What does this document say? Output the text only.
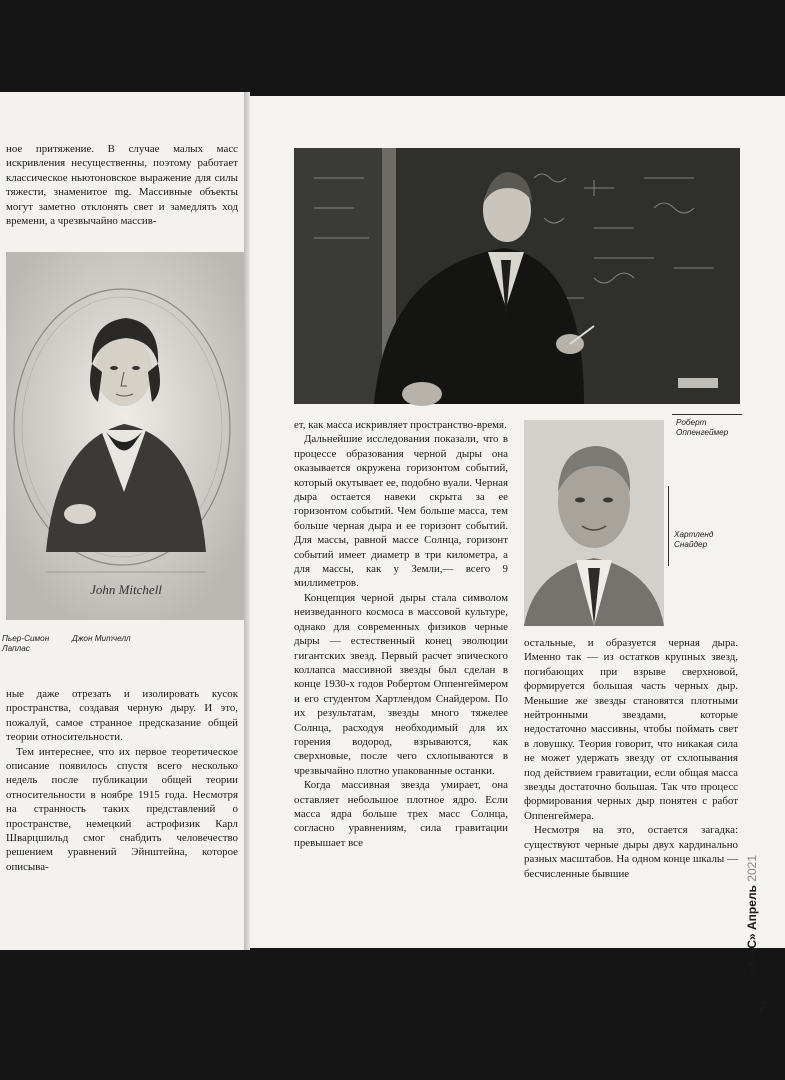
ное притяжение. В случае малых масс искривления несущественны, поэтому работает классическое ньютоновское выражение для силы тяжести, знаменитое mg. Массивные объекты могут заметно отклонять свет и замедлять ход времени, а чрезвычайно массив-

John Mitchell
Пьер-Симон Лаплас
Джон Митчелл

ные даже отрезать и изолировать кусок пространства, создавая черную дыру. И это, пожалуй, самое странное предсказание общей теории относительности.

Тем интереснее, что их первое теоретическое описание появилось спустя всего несколько недель после публикации общей теории относительности в ноябре 1915 года. Несмотря на странность таких представлений о пространстве, немецкий астрофизик Карл Шварцшильд смог снабдить человечество решением уравнений Эйнштейна, которое описыва-

Роберт Оппенгеймер

ет, как масса искривляет пространство-время.

Дальнейшие исследования показали, что в процессе образования черной дыры она оказывается окружена горизонтом событий, который окутывает ее, подобно вуали. Черная дыра остается навеки скрыта за ее горизонтом событий. Чем больше масса, тем больше черная дыра и ее горизонт событий. Для массы, равной массе Солнца, горизонт событий имеет диаметр в три километра, а для массы, как у Земли,— всего 9 миллиметров.

Концепция черной дыры стала символом неизведанного космоса в массовой культуре, однако для современных физиков черные дыры — естественный конец эволюции гигантских звезд. Первый расчет эпического коллапса массивной звезды был сделан в конце 1930-х годов Робертом Оппенгеймером и его студентом Хартлендом Снайдером. По их результатам, звезды много тяжелее Солнца, расходуя необходимый для их горения водород, взрываются, как сверхновые, после чего схлопываются в чрезвычайно плотно упакованные останки.

Когда массивная звезда умирает, она оставляет небольшое плотное ядро. Если масса ядра больше трех масс Солнца, согласно уравнениям, сила гравитации превышает все

Хартленд Снайдер

остальные, и образуется черная дыра. Именно так — из остатков крупных звезд, погибающих при взрыве сверхновой, формируется большая часть черных дыр. Меньшие же звезды становятся плотными нейтронными звездами, которые недостаточно массивны, чтобы поймать свет в ловушку. Теория говорит, что никакая сила не может удержать звезду от схлопывания под действием гравитации, если общая масса звезды достаточно большая. Так что процесс формирования черных дыр понятен с работ Оппенгеймера.

Несмотря на это, остается загадка: существуют черные дыры двух кардинально разных масштабов. На одном конце шкалы — бесчисленные бывшие

«3—С» Апрель 2021
7
